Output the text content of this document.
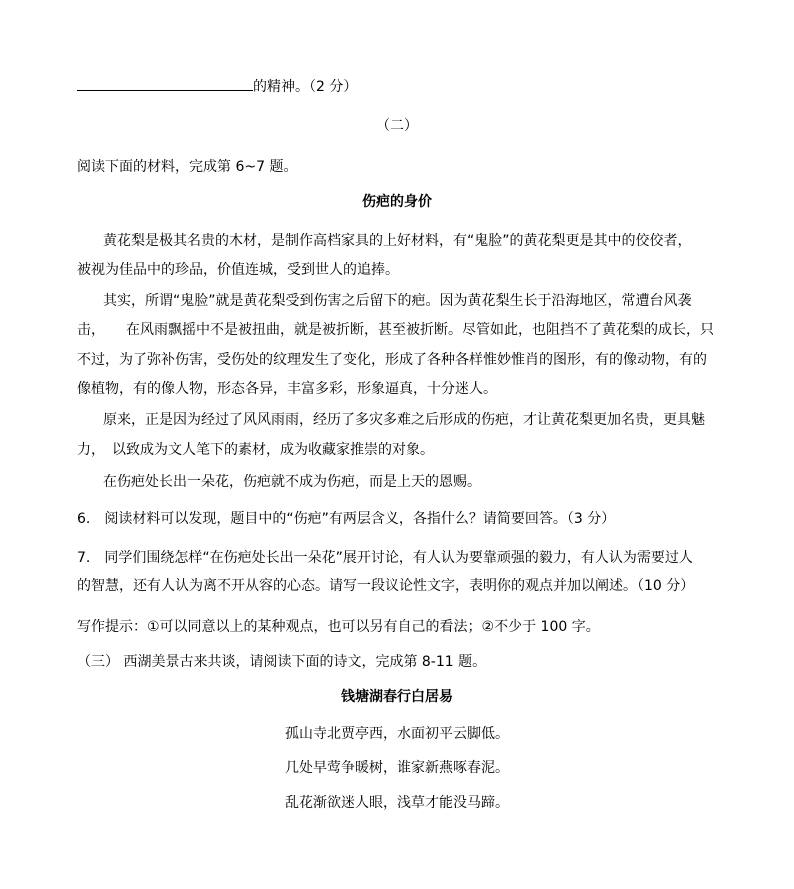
的精神。（2 分）
（二）
阅读下面的材料，完成第 6~7 题。
伤疤的身价
黄花梨是极其名贵的木材，是制作高档家具的上好材料，有“鬼脸”的黄花梨更是其中的佼佼者，
被视为佳品中的珍品，价值连城，受到世人的追捧。
其实，所谓“鬼脸”就是黄花梨受到伤害之后留下的疤。因为黄花梨生长于沿海地区，常遭台风袭
击，　　在风雨飘摇中不是被扭曲，就是被折断，甚至被折断。尽管如此，也阻挡不了黄花梨的成长，只
不过，为了弥补伤害，受伤处的纹理发生了变化，形成了各种各样惟妙惟肖的图形，有的像动物，有的
像植物，有的像人物，形态各异，丰富多彩，形象逼真，十分迷人。
原来，正是因为经过了风风雨雨，经历了多灾多难之后形成的伤疤，才让黄花梨更加名贵，更具魅
力，　以致成为文人笔下的素材，成为收藏家推崇的对象。
在伤疤处长出一朵花，伤疤就不成为伤疤，而是上天的恩赐。
6.　阅读材料可以发现，题目中的“伤疤”有两层含义，各指什么？请简要回答。（3 分）
7.　同学们围绕怎样“在伤疤处长出一朵花”展开讨论，有人认为要靠顽强的毅力，有人认为需要过人
的智慧，还有人认为离不开从容的心态。请写一段议论性文字，表明你的观点并加以阐述。（10 分）
写作提示：①可以同意以上的某种观点，也可以另有自己的看法；②不少于 100 字。
（三） 西湖美景古来共谈，请阅读下面的诗文，完成第 8-11 题。
钱塘湖春行白居易
孤山寺北贾亭西，水面初平云脚低。
几处早莺争暖树，谁家新燕啄春泥。
乱花渐欲迷人眼，浅草才能没马蹄。
